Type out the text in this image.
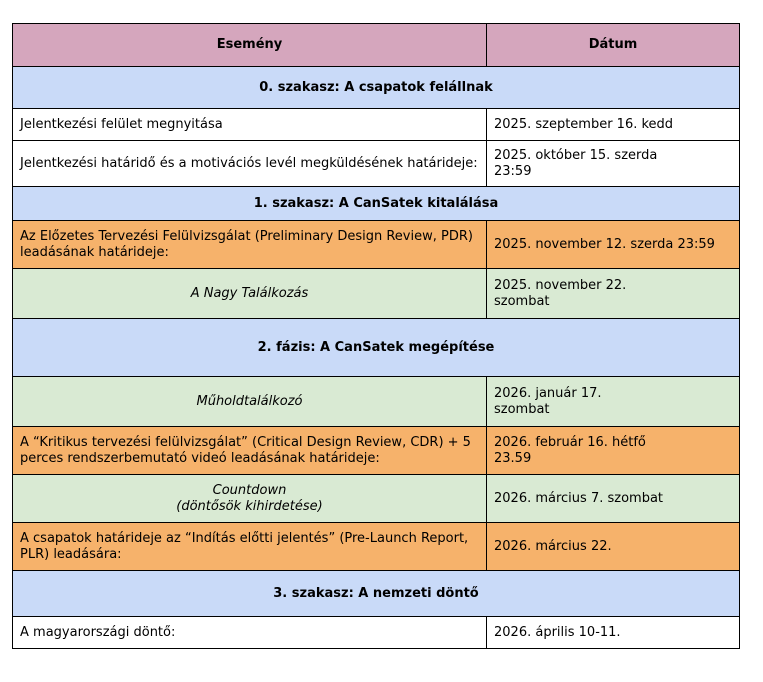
Esemény	Dátum
0. szakasz: A csapatok felállnak	
Jelentkezési felület megnyitása	2025. szeptember 16. kedd
Jelentkezési határidő és a motivációs levél megküldésének határideje:	2025. október 15. szerda
23:59
1. szakasz: A CanSatek kitalálása	
Az Előzetes Tervezési Felülvizsgálat (Preliminary Design Review, PDR) leadásának határideje:	2025. november 12. szerda 23:59
A Nagy Találkozás	2025. november 22.
szombat
2. fázis: A CanSatek megépítése	
Műholdtalálkozó	2026. január 17.
szombat
A “Kritikus tervezési felülvizsgálat” (Critical Design Review, CDR) + 5 perces rendszerbemutató videó leadásának határideje:	2026. február 16. hétfő
23.59
Countdown
(döntősök kihirdetése)	2026. március 7. szombat
A csapatok határideje az “Indítás előtti jelentés” (Pre-Launch Report, PLR) leadására:	2026. március 22.
3. szakasz: A nemzeti döntő	
A magyarországi döntő:	2026. április 10-11.
